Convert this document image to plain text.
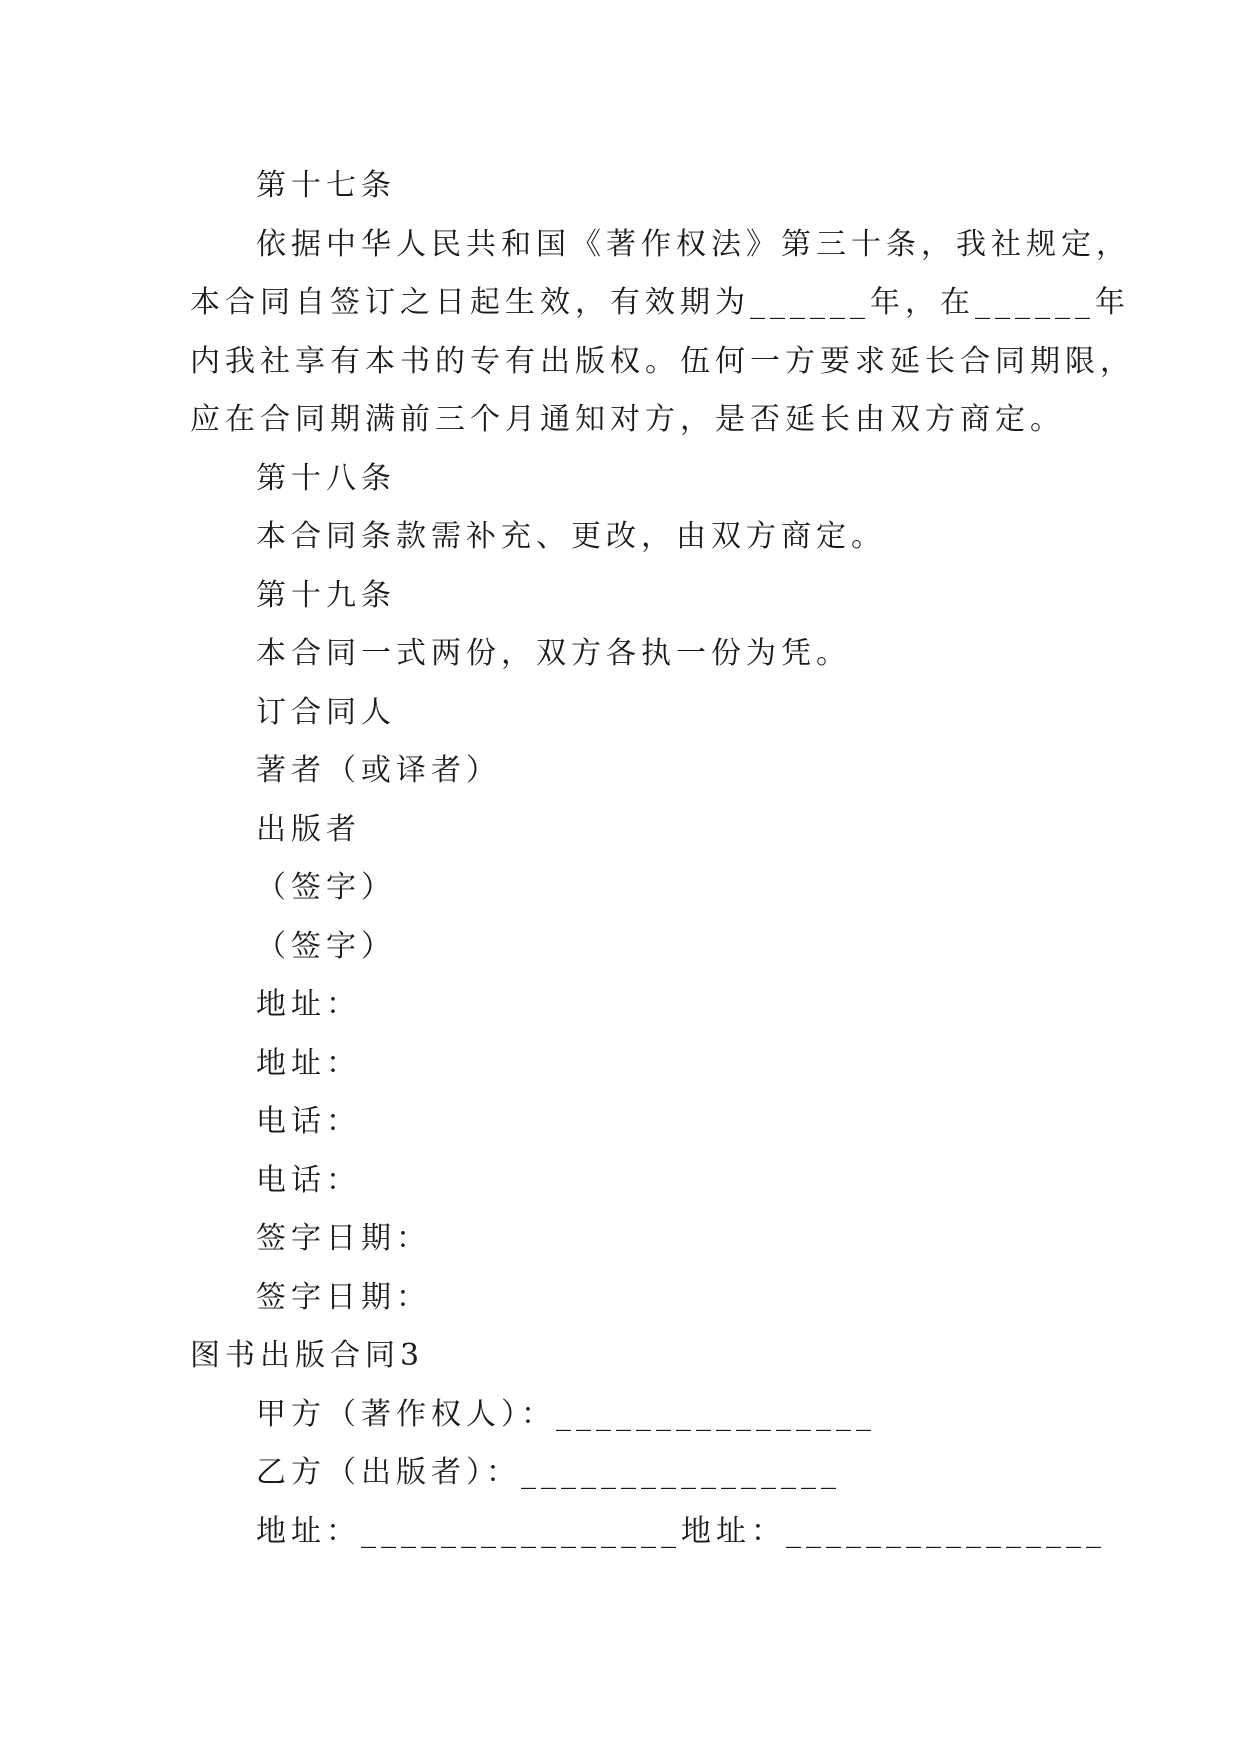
第十七条
依据中华人民共和国《著作权法》第三十条，我社规定，
本合同自签订之日起生效，有效期为______年，在______年
内我社享有本书的专有出版权。伍何一方要求延长合同期限，
应在合同期满前三个月通知对方，是否延长由双方商定。
第十八条
本合同条款需补充、更改，由双方商定。
第十九条
本合同一式两份，双方各执一份为凭。
订合同人
著者（或译者）
出版者
（签字）
（签字）
地址：
地址：
电话：
电话：
签字日期：
签字日期：
图书出版合同3
甲方（著作权人）：________________
乙方（出版者）：________________
地址：________________地址：________________
